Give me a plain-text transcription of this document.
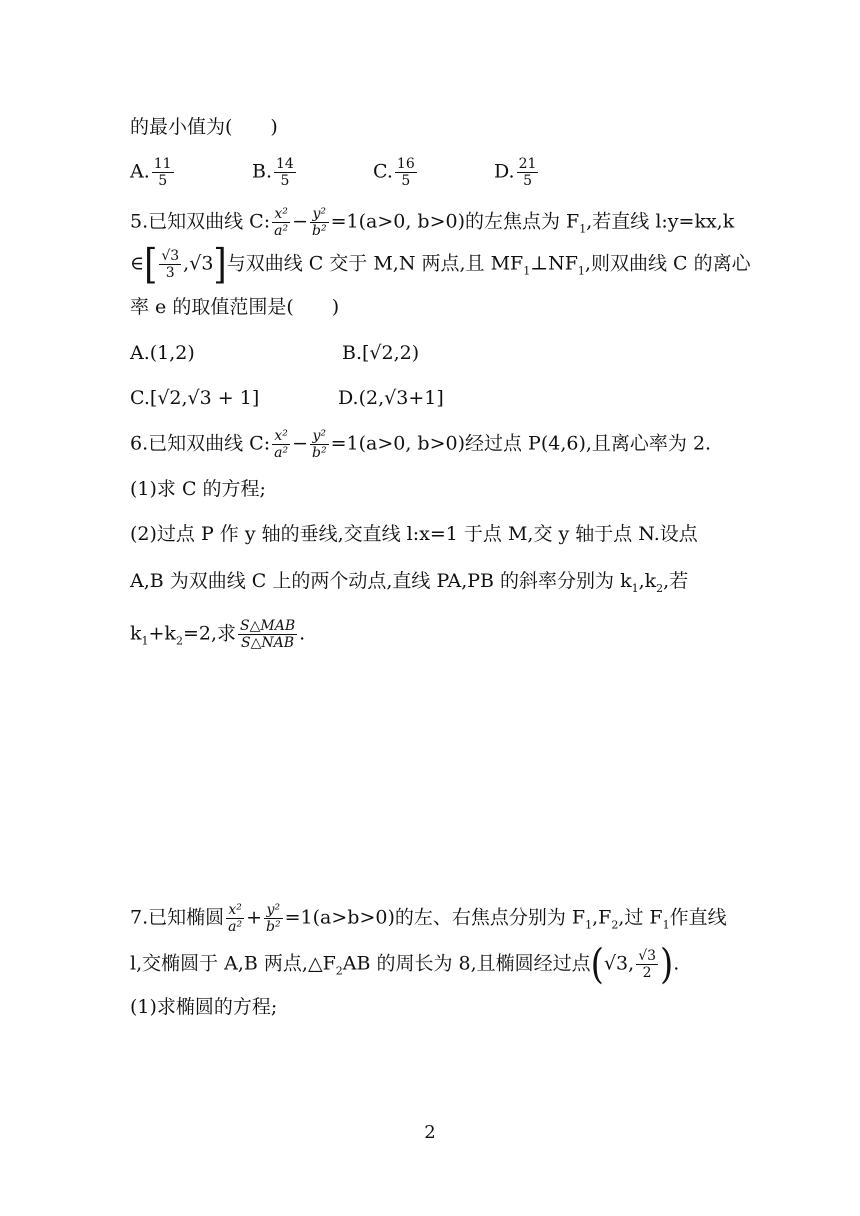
的最小值为(　　)
A. $\frac{11}{5}$	B. $\frac{14}{5}$	C. $\frac{16}{5}$	D. $\frac{21}{5}$
5.已知双曲线 C: $\frac{\text{x²}}{\text{a²}} - \frac{\text{y²}}{\text{b²}} =1(a>0$, b>0)的左焦点为 $F_1$,若直线 l:y=kx,k
∈[ $\frac{√3}{3} ,√3$]与双曲线 C 交于 M,N 两点,且 $MF_1\perp NF_1$,则双曲线 C 的离心
率 e 的取值范围是(　　)
A.(1,2)	B.[√2,2)
C.[√2,√3 + 1]	D.(2,√3+1]
6.已知双曲线 C: $\frac{\text{x²}}{\text{a²}} - \frac{\text{y²}}{\text{b²}} =1(a>0$, b>0)经过点 P(4,6),且离心率为 2.
(1)求 C 的方程;
(2)过点 P 作 y 轴的垂线,交直线 l:x=1 于点 M,交 y 轴于点 N.设点
A,B 为双曲线 C 上的两个动点,直线 PA,PB 的斜率分别为 $k_1,k_2$,若
$k_1+k_2=2$,求 $\frac{\text{S△MAB}}{\text{S△NAB}}$ .
7.已知椭圆 $\frac{\text{x²}}{\text{a²}} + \frac{\text{y²}}{\text{b²}} =1(a>b>0)$的左、右焦点分别为 $F_1,F_2$,过 $F_1$作直线
l,交椭圆于 A,B 两点$,\triangle F_2AB$ 的周长为 8,且椭圆经过点(√3, $\frac{√3}{2}$ ).
(1)求椭圆的方程;
2
